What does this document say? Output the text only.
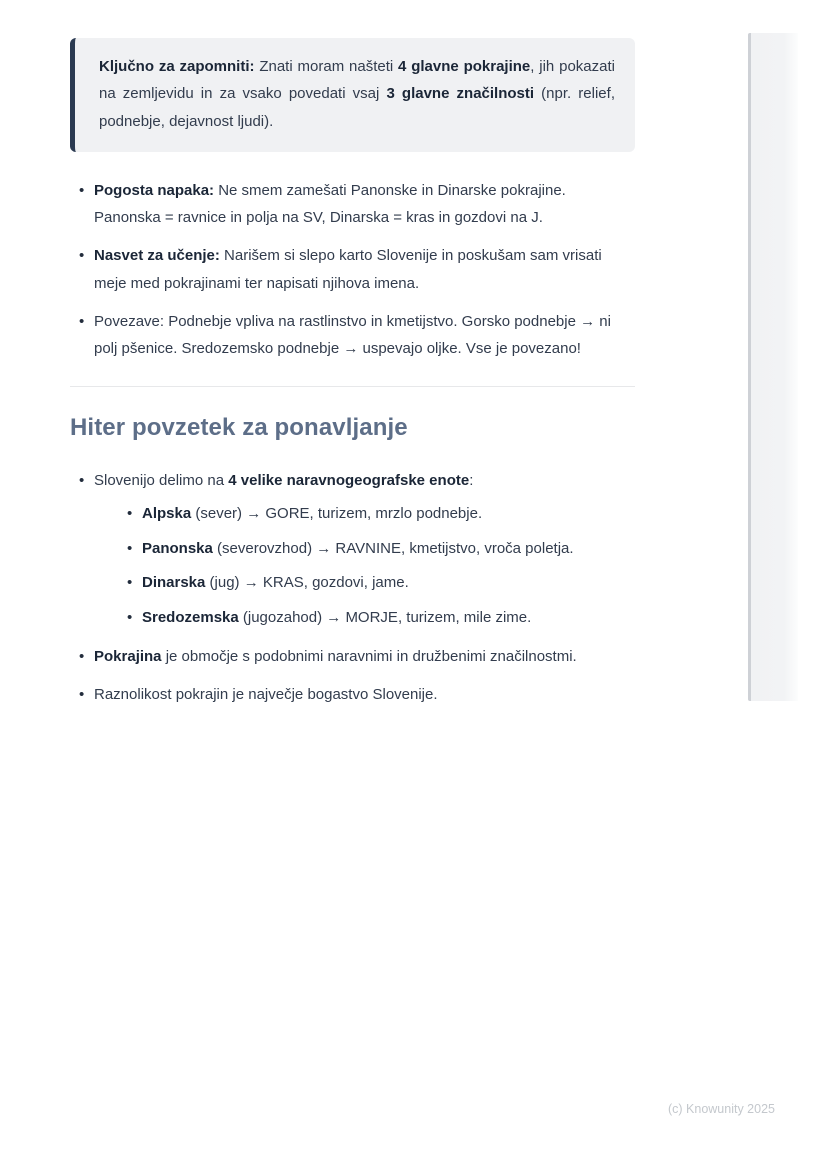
Ključno za zapomniti: Znati moram našteti 4 glavne pokrajine, jih pokazati na zemljevidu in za vsako povedati vsaj 3 glavne značilnosti (npr. relief, podnebje, dejavnost ljudi).
• Pogosta napaka: Ne smem zamešati Panonske in Dinarske pokrajine. Panonska = ravnice in polja na SV, Dinarska = kras in gozdovi na J.
• Nasvet za učenje: Narišem si slepo karto Slovenije in poskušam sam vrisati meje med pokrajinami ter napisati njihova imena.
• Povezave: Podnebje vpliva na rastlinstvo in kmetijstvo. Gorsko podnebje → ni polj pšenice. Sredozemsko podnebje → uspevajo oljke. Vse je povezano!
Hiter povzetek za ponavljanje
• Slovenijo delimo na 4 velike naravnogeografske enote:
• Alpska (sever) → GORE, turizem, mrzlo podnebje.
• Panonska (severovzhod) → RAVNINE, kmetijstvo, vroča poletja.
• Dinarska (jug) → KRAS, gozdovi, jame.
• Sredozemska (jugozahod) → MORJE, turizem, mile zime.
• Pokrajina je območje s podobnimi naravnimi in družbenimi značilnostmi.
• Raznolikost pokrajin je največje bogastvo Slovenije.
(c) Knowunity 2025
